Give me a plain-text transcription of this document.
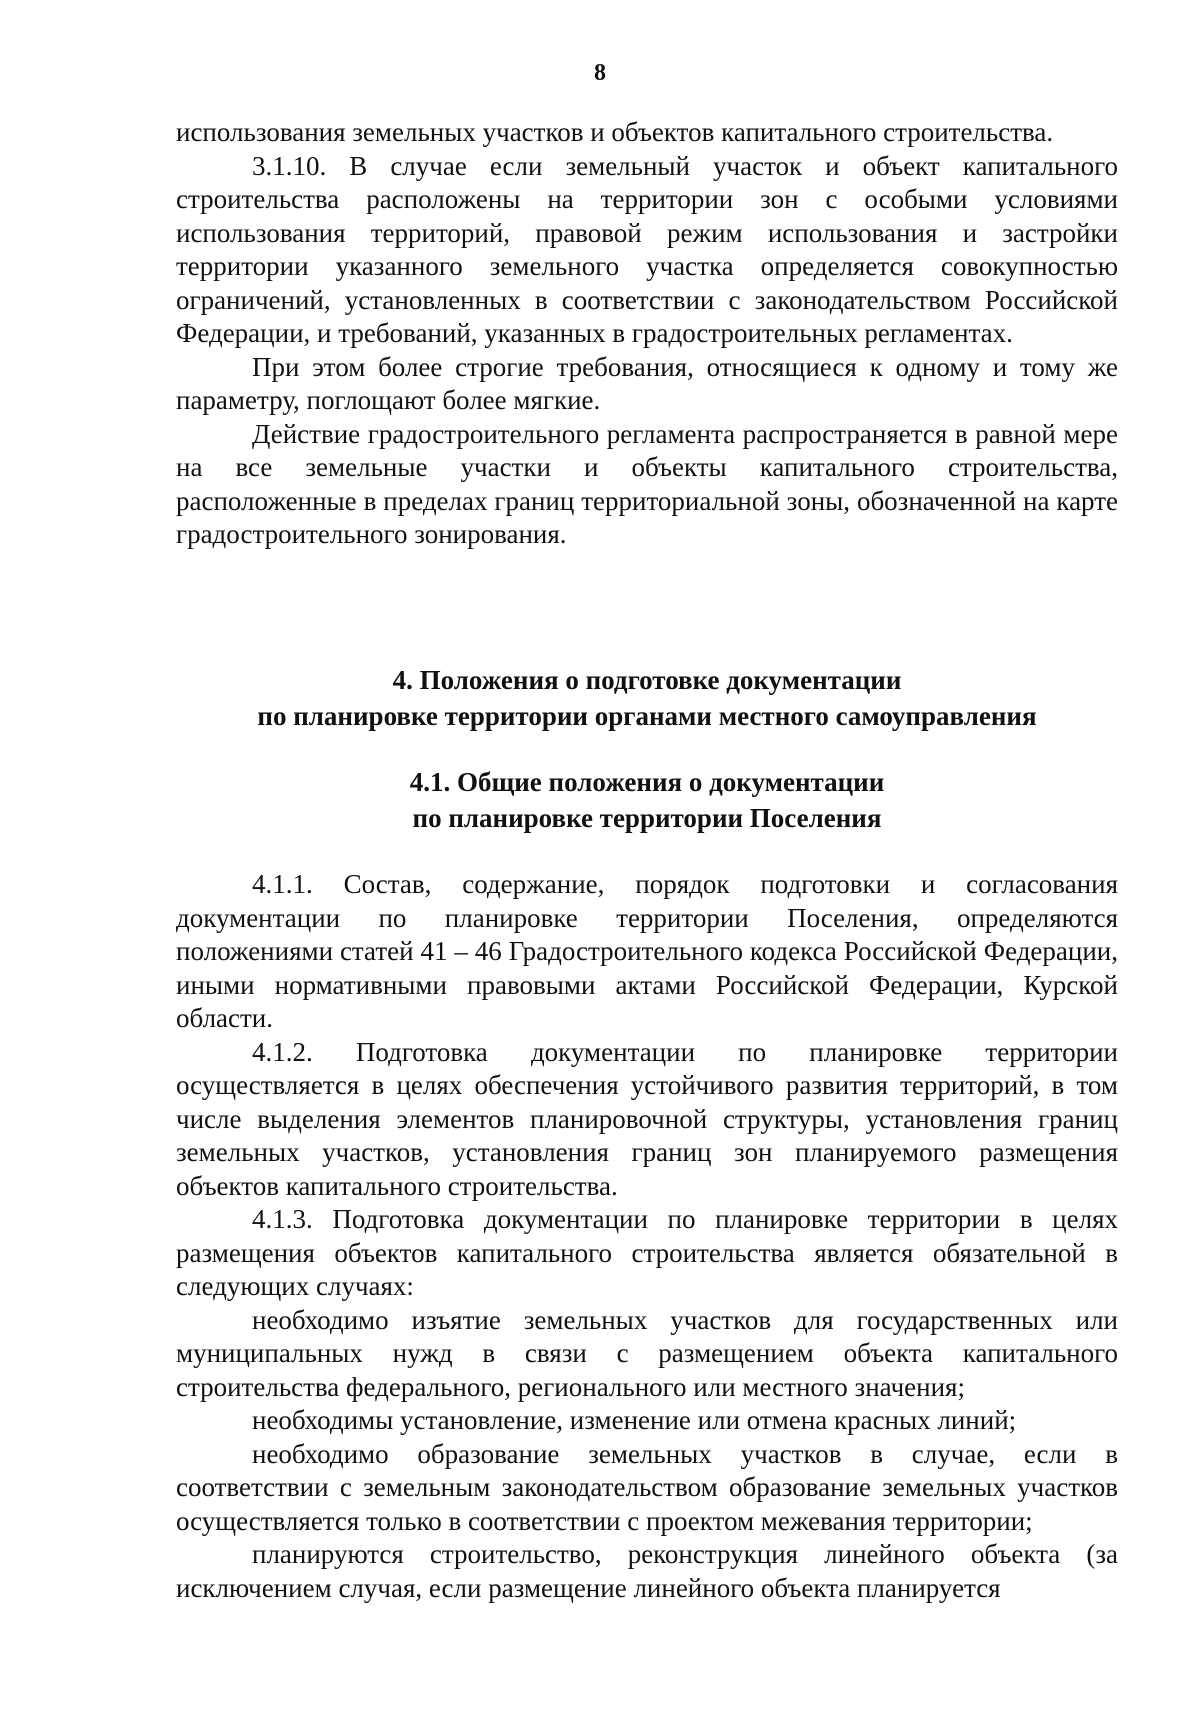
8

использования земельных участков и объектов капитального строительства.

3.1.10. В случае если земельный участок и объект капитального строительства расположены на территории зон с особыми условиями использования территорий, правовой режим использования и застройки территории указанного земельного участка определяется совокупностью ограничений, установленных в соответствии с законодательством Российской Федерации, и требований, указанных в градостроительных регламентах.

При этом более строгие требования, относящиеся к одному и тому же параметру, поглощают более мягкие.

Действие градостроительного регламента распространяется в равной мере на все земельные участки и объекты капитального строительства, расположенные в пределах границ территориальной зоны, обозначенной на карте градостроительного зонирования.

4. Положения о подготовке документации
по планировке территории органами местного самоуправления

4.1. Общие положения о документации
по планировке территории Поселения

4.1.1. Состав, содержание, порядок подготовки и согласования документации по планировке территории Поселения, определяются положениями статей 41 – 46 Градостроительного кодекса Российской Федерации, иными нормативными правовыми актами Российской Федерации, Курской области.

4.1.2. Подготовка документации по планировке территории осуществляется в целях обеспечения устойчивого развития территорий, в том числе выделения элементов планировочной структуры, установления границ земельных участков, установления границ зон планируемого размещения объектов капитального строительства.

4.1.3. Подготовка документации по планировке территории в целях размещения объектов капитального строительства является обязательной в следующих случаях:

необходимо изъятие земельных участков для государственных или муниципальных нужд в связи с размещением объекта капитального строительства федерального, регионального или местного значения;

необходимы установление, изменение или отмена красных линий;

необходимо образование земельных участков в случае, если в соответствии с земельным законодательством образование земельных участков осуществляется только в соответствии с проектом межевания территории;

планируются строительство, реконструкция линейного объекта (за исключением случая, если размещение линейного объекта планируется
